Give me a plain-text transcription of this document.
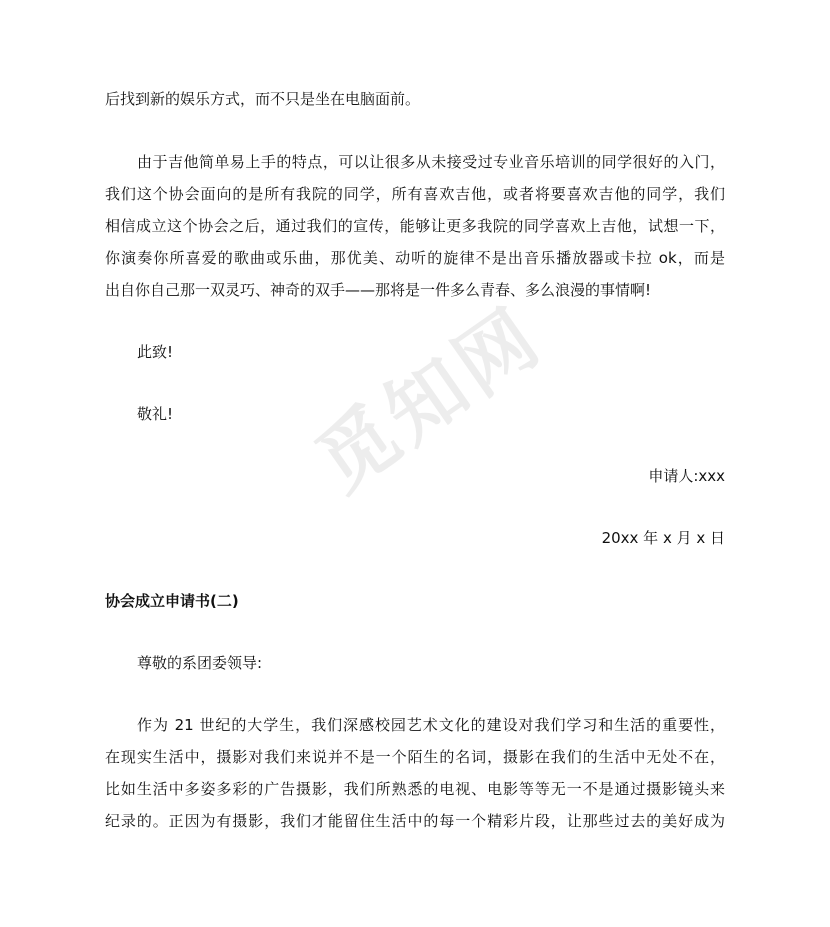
觅知网
后找到新的娱乐方式，而不只是坐在电脑面前。
由于吉他简单易上手的特点，可以让很多从未接受过专业音乐培训的同学很好的入门，
我们这个协会面向的是所有我院的同学，所有喜欢吉他，或者将要喜欢吉他的同学，我们
相信成立这个协会之后，通过我们的宣传，能够让更多我院的同学喜欢上吉他，试想一下，
你演奏你所喜爱的歌曲或乐曲，那优美、动听的旋律不是出音乐播放器或卡拉 ok，而是
出自你自己那一双灵巧、神奇的双手——那将是一件多么青春、多么浪漫的事情啊!
此致!
敬礼!
申请人:xxx
20xx 年 x 月 x 日
协会成立申请书(二)
尊敬的系团委领导:
作为 21 世纪的大学生，我们深感校园艺术文化的建设对我们学习和生活的重要性，
在现实生活中，摄影对我们来说并不是一个陌生的名词，摄影在我们的生活中无处不在，
比如生活中多姿多彩的广告摄影，我们所熟悉的电视、电影等等无一不是通过摄影镜头来
纪录的。正因为有摄影，我们才能留住生活中的每一个精彩片段，让那些过去的美好成为
